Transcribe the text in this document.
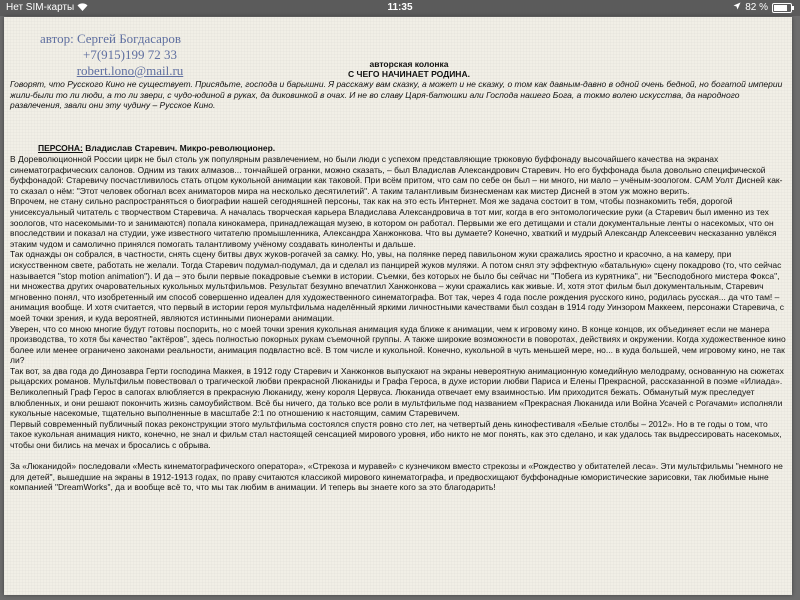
Нет SIM-карты	11:35	82 %
автор: Сергей Богдасаров
+7(915)199 72 33
robert.lono@mail.ru	авторская колонка
С ЧЕГО НАЧИНАЕТ РОДИНА.

Говорят, что Русского Кино не существует. Присядьте, господа и барышни. Я расскажу вам сказку, а может и не сказку, о том как давным-давно в одной очень бедной, но богатой империи жили-были то ли люди, а то ли звери, с чудо-юдиной в руках, да диковинкой в очах. И не во славу Царя-батюшки али Господа нашего Бога, а токмо волею искусства, да народного развлечения, звали они эту чудину – Русское Кино.

ПЕРСОНА: Владислав Старевич. Микро-революционер.

В Дореволюционной России цирк не был столь уж популярным развлечением, но были люди с успехом представляющие трюковую буффонаду высочайшего качества на экранах синематографических салонов. Одним из таких алмазов... тончайшей огранки, можно сказать, – был Владислав Александрович Старевич. Но его буффонада была довольно специфической буффонадой: Старевичу посчастливилось стать отцом кукольной анимации как таковой. При всём притом, что сам по себе он был – ни много, ни мало – учёным-зоологом. САМ Уолт Дисней как-то сказал о нём: "Этот человек обогнал всех аниматоров мира на несколько десятилетий". А таким талантливым бизнесменам как мистер Дисней в этом уж можно верить.

Впрочем, не стану сильно распространяться о биографии нашей сегодняшней персоны, так как на это есть Интернет. Моя же задача состоит в том, чтобы познакомить тебя, дорогой унисексуальный читатель с творчеством Старевича. А началась творческая карьера Владислава Александровича в тот миг, когда в его энтомологические руки (а Старевич был именно из тех зоологов, что насекомыми-то и занимаются) попала кинокамера, принадлежащая музею, в котором он работал. Первыми же его детищами и стали документальные ленты о насекомых, что он впоследствии и показал на студии, уже известного читателю промышленника, Александра Ханжонкова. Что вы думаете? Конечно, хваткий и мудрый Александр Алексеевич несказанно увлёкся этаким чудом и самолично принялся помогать талантливому учёному создавать киноленты и дальше.

Так однажды он собрался, в частности, снять сцену битвы двух жуков-рогачей за самку. Но, увы, на полянке перед павильоном жуки сражались яростно и красочно, а на камеру, при искусственном свете, работать не желали. Тогда Старевич подумал-подумал, да и сделал из панцирей жуков муляжи. А потом снял эту эффектную «батальную» сцену покадрово (то, что сейчас называется "stop motion animation"). И да – это были первые покадровые съемки в истории. Съемки, без которых не было бы сейчас ни "Побега из курятника", ни "Бесподобного мистера Фокса", ни множества других очаровательных кукольных мультфильмов. Результат безумно впечатлил Ханжонкова – жуки сражались как живые. И, хотя этот фильм был документальным, Старевич мгновенно понял, что изобретенный им способ совершенно идеален для художественного синематографа. Вот так, через 4 года после рождения русского кино, родилась русская... да что там! – анимация вообще. И хотя считается, что первый в истории героя мультфильма наделённый яркими личностными качествами был создан в 1914 году Уинзором Маккеем, персонажи Старевича, с моей точки зрения, и куда вероятней, являются истинными пионерами анимации.

Уверен, что со мною многие будут готовы поспорить, но с моей точки зрения кукольная анимация куда ближе к анимации, чем к игровому кино. В конце концов, их объединяет если не манера производства, то хотя бы качество "актёров", здесь полностью покорных рукам съемочной группы. А также широкие возможности в поворотах, действиях и окружении. Когда художественное кино более или менее ограничено законами реальности, анимация подвластно всё. В том числе и кукольной. Конечно, кукольной в чуть меньшей мере, но... в куда большей, чем игровому кино, не так ли?

Так вот, за два года до Динозавра Герти господина Маккея, в 1912 году Старевич и Ханжонков выпускают на экраны невероятную анимационную комедийную мелодраму, основанную на сюжетах рыцарских романов. Мультфильм повествовал о трагической любви прекрасной Люканиды и Графа Героса, в духе истории любви Париса и Елены Прекрасной, рассказанной в поэме «Илиада». Великолепный Граф Герос в сапогах влюбляется в прекрасную Люканиду, жену короля Цервуса. Люканида отвечает ему взаимностью. Им приходится бежать. Обманутый муж преследует влюбленных, и они решают покончить жизнь самоубийством. Всё бы ничего, да только все роли в мультфильме под названием «Прекрасная Люканида или Война Усачей с Рогачами» исполняли кукольные насекомые, тщательно выполненные в масштабе 2:1 по отношению к настоящим, самим Старевичем.

Первый современный публичный показ реконструкции этого мультфильма состоялся спустя ровно сто лет, на четвертый день кинофестиваля «Белые столбы – 2012». Но в те годы о том, что такое кукольная анимация никто, конечно, не знал и фильм стал настоящей сенсацией мирового уровня, ибо никто не мог понять, как это сделано, и как удалось так выдрессировать насекомых, чтобы они бились на мечах и бросались с обрыва.

За «Люканидой» последовали «Месть кинематографического оператора», «Стрекоза и муравей» с кузнечиком вместо стрекозы и «Рождество у обитателей леса». Эти мультфильмы "немного не для детей", вышедшие на экраны в 1912-1913 годах, по праву считаются классикой мирового кинематографа, и предвосхищают буффонадные юмористические зарисовки, так любимые ныне компанией "DreamWorks", да и вообще всё то, что мы так любим в анимации. И теперь вы знаете кого за это благодарить!
